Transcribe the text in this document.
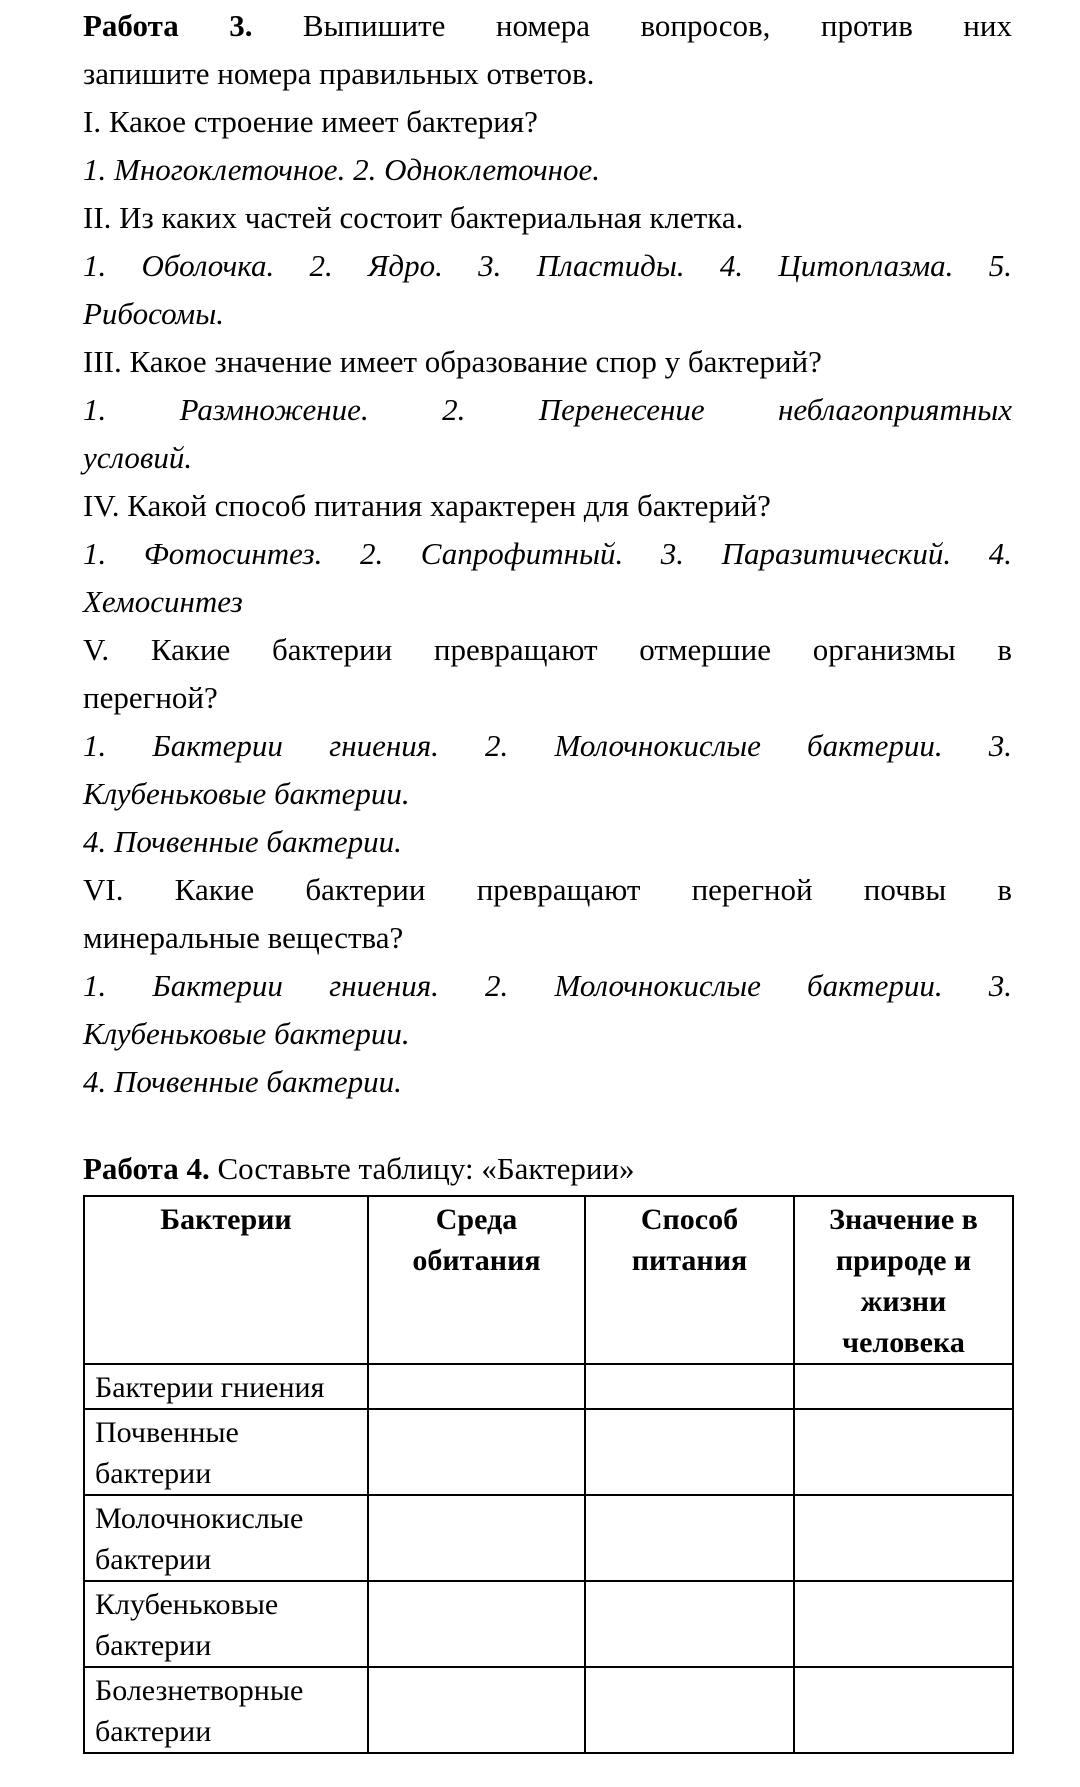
Работа 3. Выпишите номера вопросов, против них
запишите номера правильных ответов.
I. Какое строение имеет бактерия?
1. Многоклеточное. 2. Одноклеточное.
II. Из каких частей состоит бактериальная клетка.
1. Оболочка. 2. Ядро. 3. Пластиды. 4. Цитоплазма. 5.
Рибосомы.
III. Какое значение имеет образование спор у бактерий?
1. Размножение. 2. Перенесение неблагоприятных
условий.
IV. Какой способ питания характерен для бактерий?
1. Фотосинтез. 2. Сапрофитный. 3. Паразитический. 4.
Хемосинтез
V. Какие бактерии превращают отмершие организмы в
перегной?
1. Бактерии гниения. 2. Молочнокислые бактерии. 3.
Клубеньковые бактерии.
4. Почвенные бактерии.
VI. Какие бактерии превращают перегной почвы в
минеральные вещества?
1. Бактерии гниения. 2. Молочнокислые бактерии. 3.
Клубеньковые бактерии.
4. Почвенные бактерии.
Работа 4. Составьте таблицу: «Бактерии»
Бактерии	Среда обитания	Способ питания	Значение в природе и жизни человека
Бактерии гниения			
Почвенные бактерии			
Молочнокислые бактерии			
Клубеньковые бактерии			
Болезнетворные бактерии			
